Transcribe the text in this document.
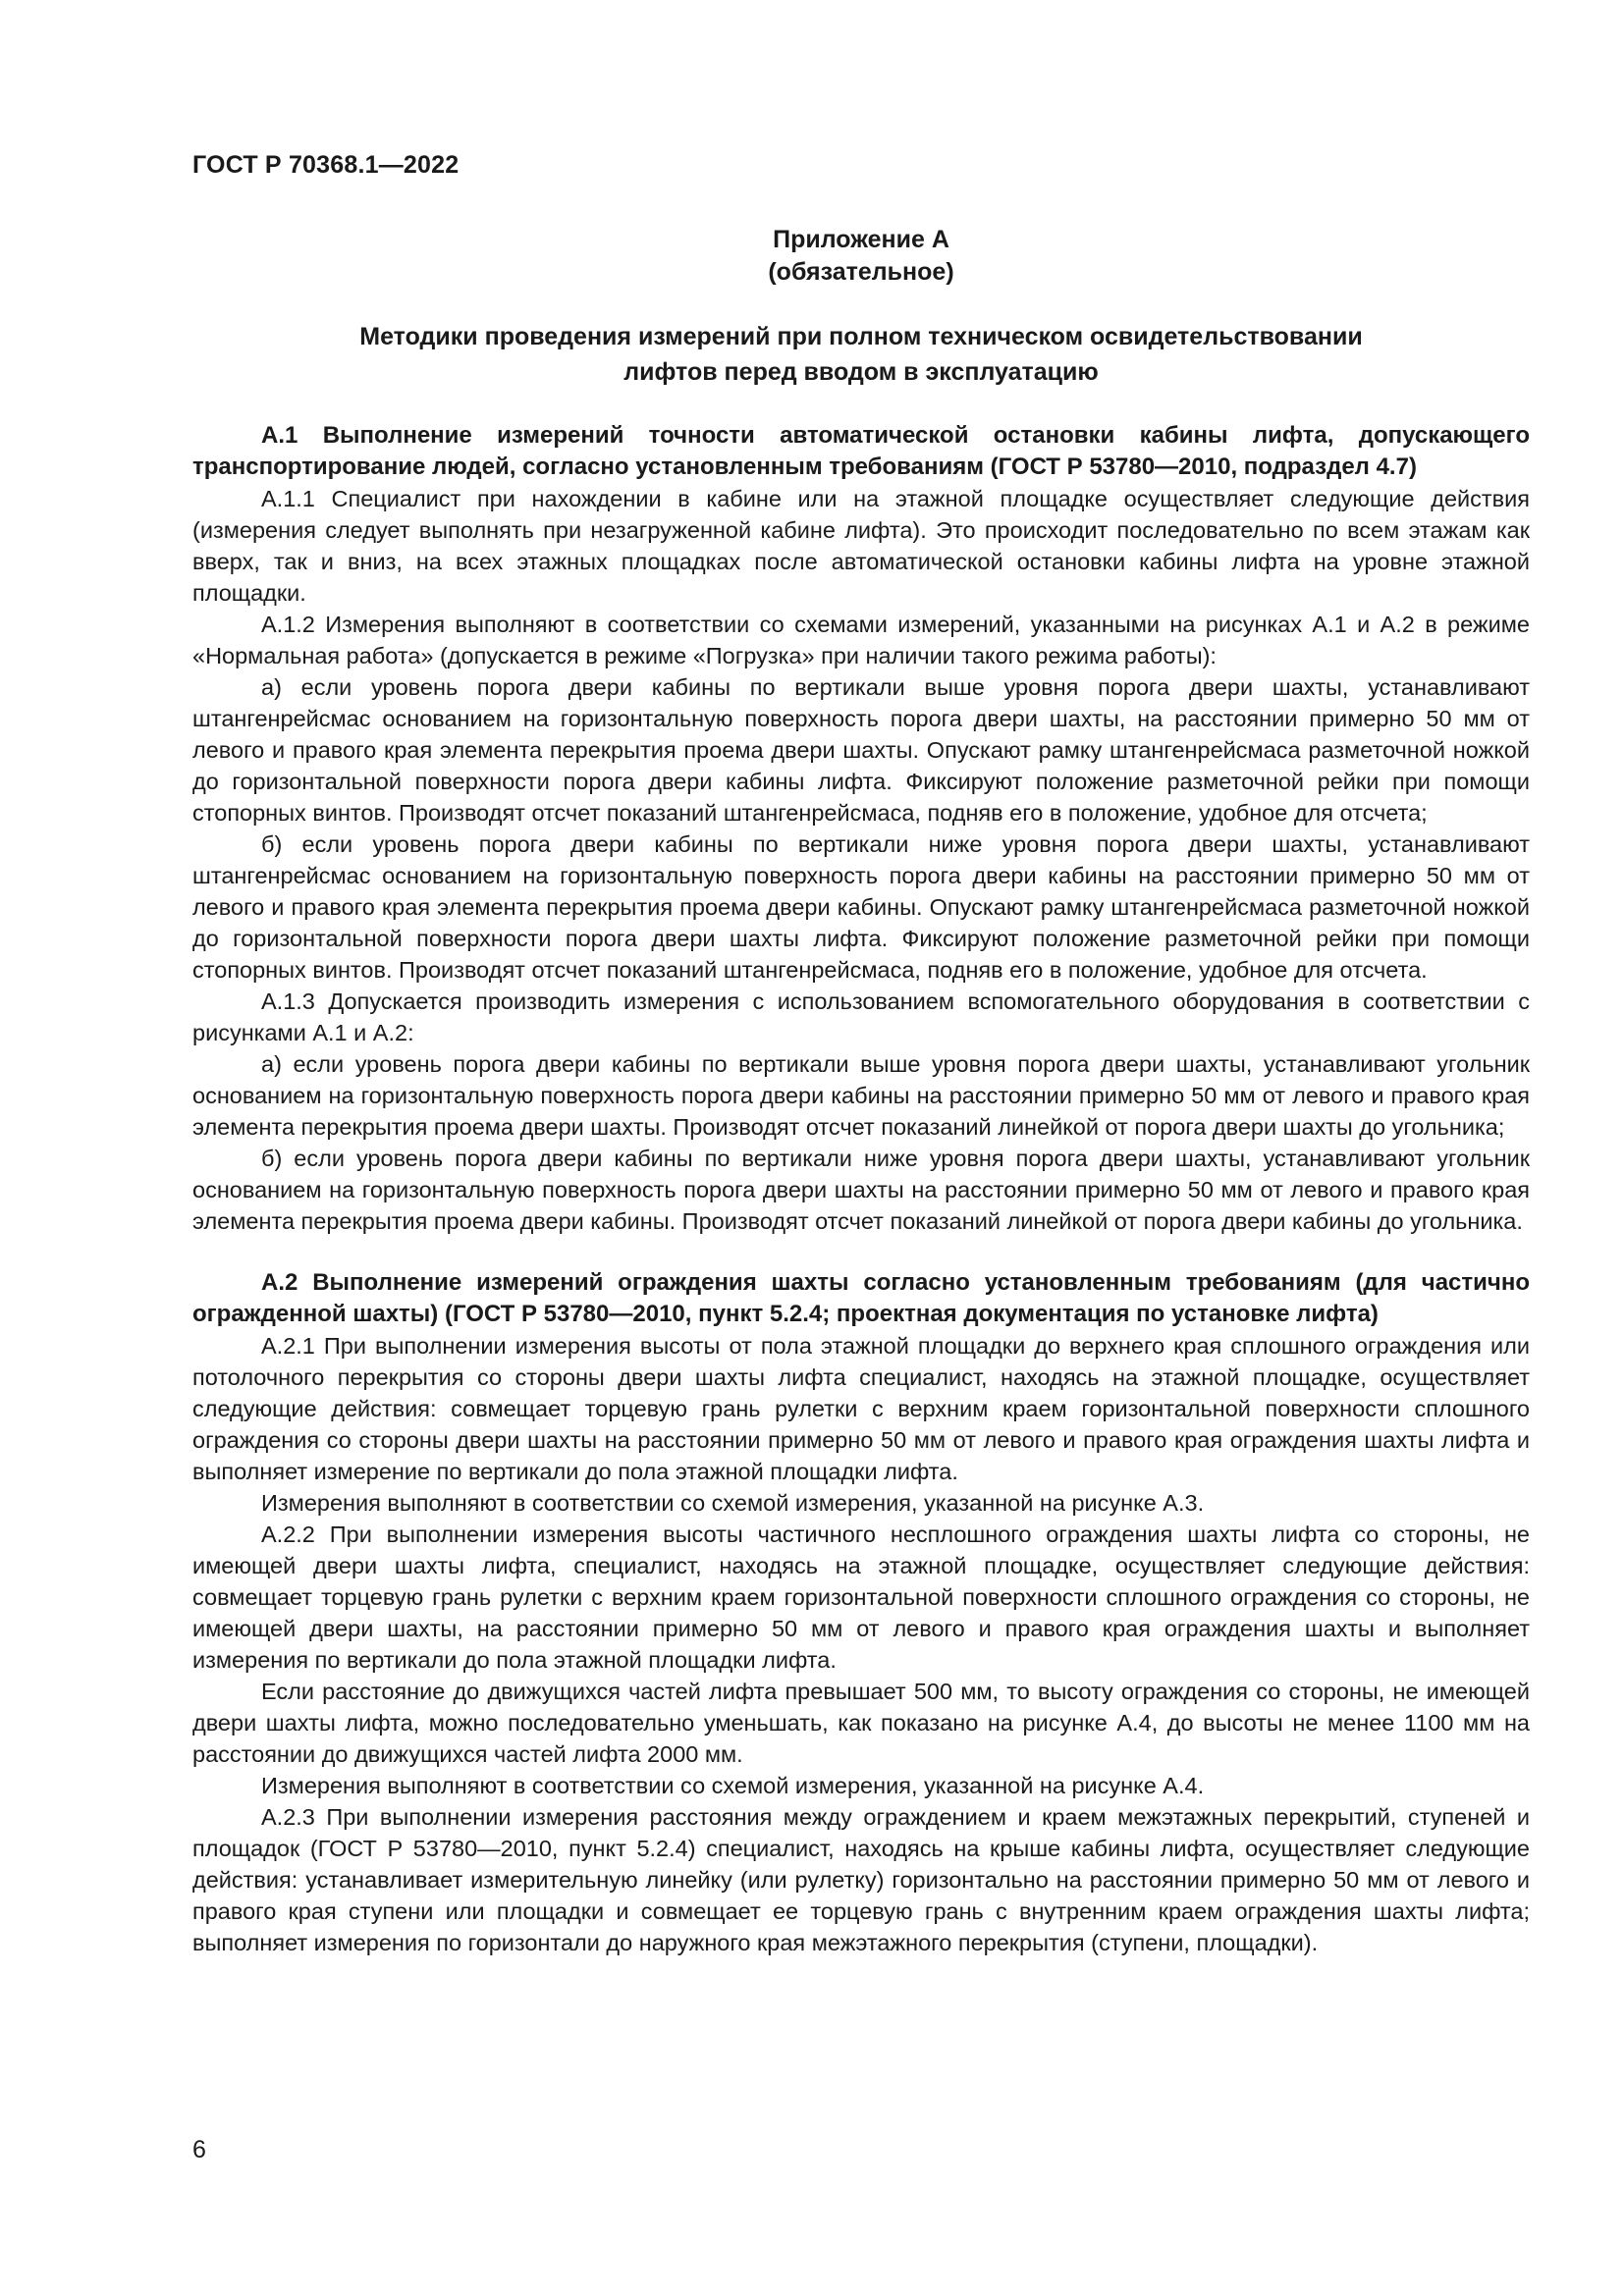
ГОСТ Р 70368.1—2022

Приложение А

(обязательное)

Методики проведения измерений при полном техническом освидетельствовании
лифтов перед вводом в эксплуатацию
А.1 Выполнение измерений точности автоматической остановки кабины лифта, допускающего транспортирование людей, согласно установленным требованиям (ГОСТ Р 53780—2010, подраздел 4.7)

А.1.1 Специалист при нахождении в кабине или на этажной площадке осуществляет следующие действия (измерения следует выполнять при незагруженной кабине лифта). Это происходит последовательно по всем этажам как вверх, так и вниз, на всех этажных площадках после автоматической остановки кабины лифта на уровне этажной площадки.

А.1.2 Измерения выполняют в соответствии со схемами измерений, указанными на рисунках А.1 и А.2 в режиме «Нормальная работа» (допускается в режиме «Погрузка» при наличии такого режима работы):

а) если уровень порога двери кабины по вертикали выше уровня порога двери шахты, устанавливают штангенрейсмас основанием на горизонтальную поверхность порога двери шахты, на расстоянии примерно 50 мм от левого и правого края элемента перекрытия проема двери шахты. Опускают рамку штангенрейсмаса разметочной ножкой до горизонтальной поверхности порога двери кабины лифта. Фиксируют положение разметочной рейки при помощи стопорных винтов. Производят отсчет показаний штангенрейсмаса, подняв его в положение, удобное для отсчета;

б) если уровень порога двери кабины по вертикали ниже уровня порога двери шахты, устанавливают штангенрейсмас основанием на горизонтальную поверхность порога двери кабины на расстоянии примерно 50 мм от левого и правого края элемента перекрытия проема двери кабины. Опускают рамку штангенрейсмаса разметочной ножкой до горизонтальной поверхности порога двери шахты лифта. Фиксируют положение разметочной рейки при помощи стопорных винтов. Производят отсчет показаний штангенрейсмаса, подняв его в положение, удобное для отсчета.

А.1.3 Допускается производить измерения с использованием вспомогательного оборудования в соответствии с рисунками А.1 и А.2:

а) если уровень порога двери кабины по вертикали выше уровня порога двери шахты, устанавливают угольник основанием на горизонтальную поверхность порога двери кабины на расстоянии примерно 50 мм от левого и правого края элемента перекрытия проема двери шахты. Производят отсчет показаний линейкой от порога двери шахты до угольника;

б) если уровень порога двери кабины по вертикали ниже уровня порога двери шахты, устанавливают угольник основанием на горизонтальную поверхность порога двери шахты на расстоянии примерно 50 мм от левого и правого края элемента перекрытия проема двери кабины. Производят отсчет показаний линейкой от порога двери кабины до угольника.

А.2 Выполнение измерений ограждения шахты согласно установленным требованиям (для частично огражденной шахты) (ГОСТ Р 53780—2010, пункт 5.2.4; проектная документация по установке лифта)

А.2.1 При выполнении измерения высоты от пола этажной площадки до верхнего края сплошного ограждения или потолочного перекрытия со стороны двери шахты лифта специалист, находясь на этажной площадке, осуществляет следующие действия: совмещает торцевую грань рулетки с верхним краем горизонтальной поверхности сплошного ограждения со стороны двери шахты на расстоянии примерно 50 мм от левого и правого края ограждения шахты лифта и выполняет измерение по вертикали до пола этажной площадки лифта.

Измерения выполняют в соответствии со схемой измерения, указанной на рисунке А.3.

А.2.2 При выполнении измерения высоты частичного несплошного ограждения шахты лифта со стороны, не имеющей двери шахты лифта, специалист, находясь на этажной площадке, осуществляет следующие действия: совмещает торцевую грань рулетки с верхним краем горизонтальной поверхности сплошного ограждения со стороны, не имеющей двери шахты, на расстоянии примерно 50 мм от левого и правого края ограждения шахты и выполняет измерения по вертикали до пола этажной площадки лифта.

Если расстояние до движущихся частей лифта превышает 500 мм, то высоту ограждения со стороны, не имеющей двери шахты лифта, можно последовательно уменьшать, как показано на рисунке А.4, до высоты не менее 1100 мм на расстоянии до движущихся частей лифта 2000 мм.

Измерения выполняют в соответствии со схемой измерения, указанной на рисунке А.4.

А.2.3 При выполнении измерения расстояния между ограждением и краем межэтажных перекрытий, ступеней и площадок (ГОСТ Р 53780—2010, пункт 5.2.4) специалист, находясь на крыше кабины лифта, осуществляет следующие действия: устанавливает измерительную линейку (или рулетку) горизонтально на расстоянии примерно 50 мм от левого и правого края ступени или площадки и совмещает ее торцевую грань с внутренним краем ограждения шахты лифта; выполняет измерения по горизонтали до наружного края межэтажного перекрытия (ступени, площадки).

6
